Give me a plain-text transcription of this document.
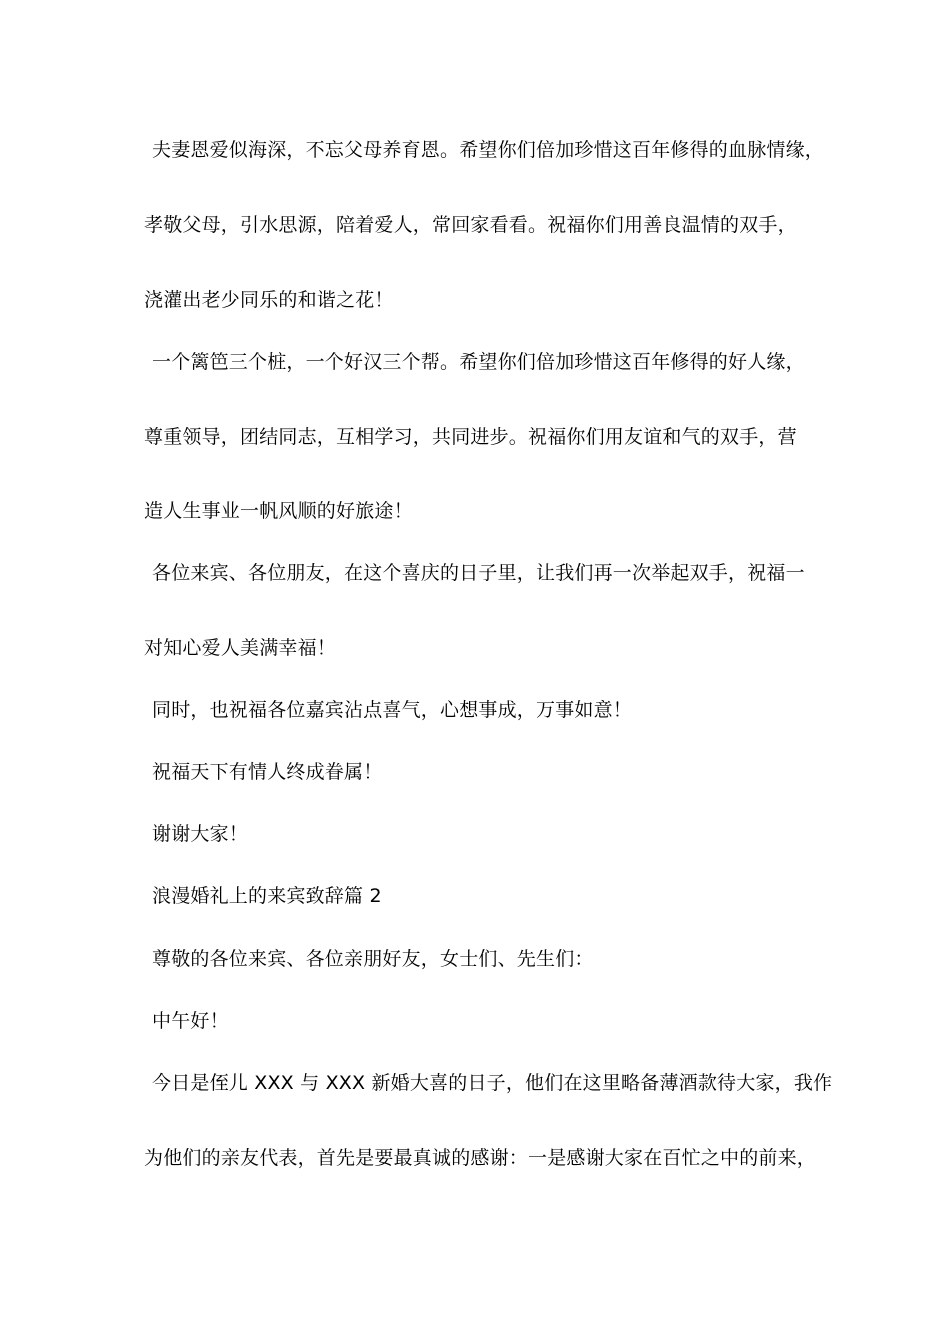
夫妻恩爱似海深，不忘父母养育恩。希望你们倍加珍惜这百年修得的血脉情缘，
孝敬父母，引水思源，陪着爱人，常回家看看。祝福你们用善良温情的双手，
浇灌出老少同乐的和谐之花！
一个篱笆三个桩，一个好汉三个帮。希望你们倍加珍惜这百年修得的好人缘，
尊重领导，团结同志，互相学习，共同进步。祝福你们用友谊和气的双手，营
造人生事业一帆风顺的好旅途！
各位来宾、各位朋友，在这个喜庆的日子里，让我们再一次举起双手，祝福一
对知心爱人美满幸福！
同时，也祝福各位嘉宾沾点喜气，心想事成，万事如意！
祝福天下有情人终成眷属！
谢谢大家！
浪漫婚礼上的来宾致辞篇 2
尊敬的各位来宾、各位亲朋好友，女士们、先生们：
中午好！
今日是侄儿 XXX 与 XXX 新婚大喜的日子，他们在这里略备薄酒款待大家，我作
为他们的亲友代表，首先是要最真诚的感谢：一是感谢大家在百忙之中的前来，
